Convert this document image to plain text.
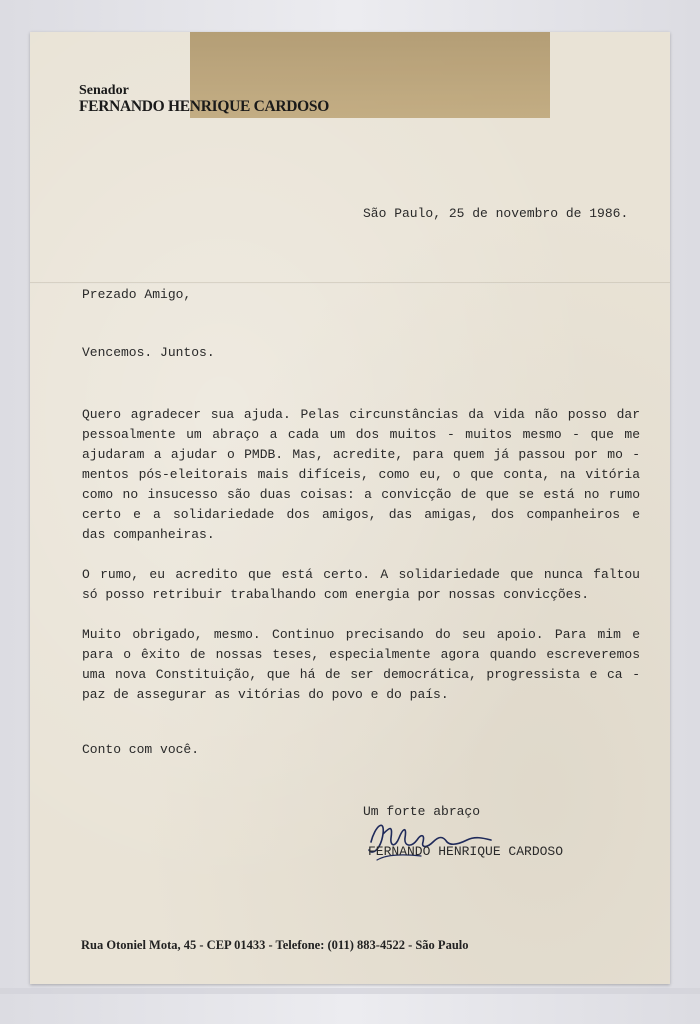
Senador

FERNANDO HENRIQUE CARDOSO

São Paulo, 25 de novembro de 1986.

Prezado Amigo,

Vencemos. Juntos.

Quero agradecer sua ajuda. Pelas circunstâncias da vida não posso dar

pessoalmente um abraço a cada um dos muitos - muitos mesmo - que me

ajudaram a ajudar o PMDB. Mas, acredite, para quem já passou por mo -

mentos pós-eleitorais mais difíceis, como eu, o que conta, na vitória

como no insucesso são duas coisas: a convicção de que se está no rumo

certo e a solidariedade dos amigos, das amigas, dos companheiros e

das companheiras.

O rumo, eu acredito que está certo. A solidariedade que nunca faltou

só posso retribuir trabalhando com energia por nossas convicções.

Muito obrigado, mesmo. Continuo precisando do seu apoio. Para mim e

para o êxito de nossas teses, especialmente agora quando escreveremos

uma nova Constituição, que há de ser democrática, progressista e ca -

paz de assegurar as vitórias do povo e do país.

Conto com você.

Um forte abraço

FERNANDO HENRIQUE CARDOSO

Rua Otoniel Mota, 45 - CEP 01433 - Telefone: (011) 883-4522 - São Paulo
